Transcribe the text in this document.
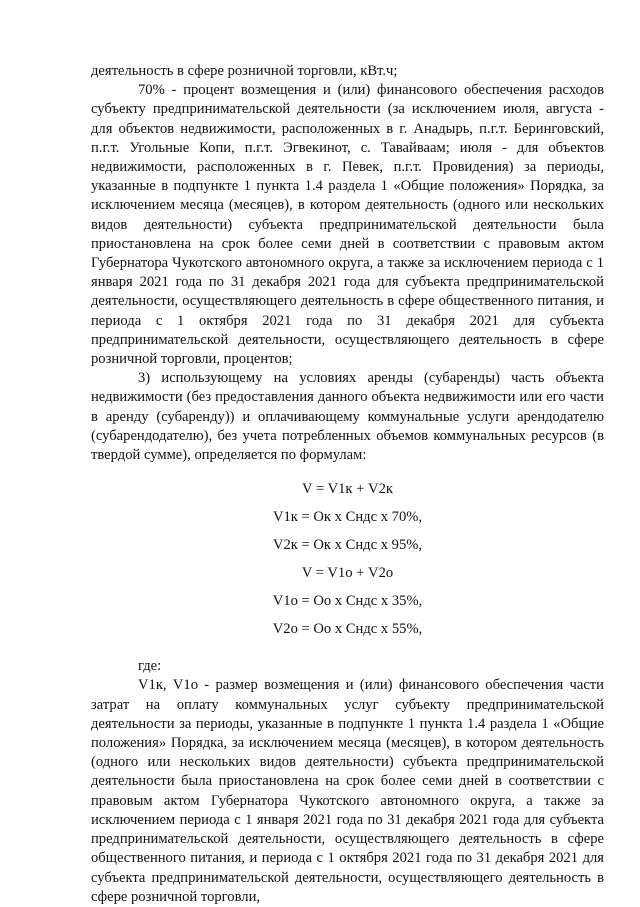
деятельность в сфере розничной торговли, кВт.ч;

70% - процент возмещения и (или) финансового обеспечения расходов субъекту предпринимательской деятельности (за исключением июля, августа - для объектов недвижимости, расположенных в г. Анадырь, п.г.т. Беринговский, п.г.т. Угольные Копи, п.г.т. Эгвекинот, с. Тавайваам; июля - для объектов недвижимости, расположенных в г. Певек, п.г.т. Провидения) за периоды, указанные в подпункте 1 пункта 1.4 раздела 1 «Общие положения» Порядка, за исключением месяца (месяцев), в котором деятельность (одного или нескольких видов деятельности) субъекта предпринимательской деятельности была приостановлена на срок более семи дней в соответствии с правовым актом Губернатора Чукотского автономного округа, а также за исключением периода с 1 января 2021 года по 31 декабря 2021 года для субъекта предпринимательской деятельности, осуществляющего деятельность в сфере общественного питания, и периода с 1 октября 2021 года по 31 декабря 2021 для субъекта предпринимательской деятельности, осуществляющего деятельность в сфере розничной торговли, процентов;

3) использующему на условиях аренды (субаренды) часть объекта недвижимости (без предоставления данного объекта недвижимости или его части в аренду (субаренду)) и оплачивающему коммунальные услуги арендодателю (субарендодателю), без учета потребленных объемов коммунальных ресурсов (в твердой сумме), определяется по формулам:

V = V1к + V2к

V1к = Ок x Cндс x 70%,

V2к = Ок x Cндс x 95%,

V = V1о + V2о

V1о = Оо x Cндс x 35%,

V2о = Оо x Cндс x 55%,

где:

V1к, V1о - размер возмещения и (или) финансового обеспечения части затрат на оплату коммунальных услуг субъекту предпринимательской деятельности за периоды, указанные в подпункте 1 пункта 1.4 раздела 1 «Общие положения» Порядка, за исключением месяца (месяцев), в котором деятельность (одного или нескольких видов деятельности) субъекта предпринимательской деятельности была приостановлена на срок более семи дней в соответствии с правовым актом Губернатора Чукотского автономного округа, а также за исключением периода с 1 января 2021 года по 31 декабря 2021 года для субъекта предпринимательской деятельности, осуществляющего деятельность в сфере общественного питания, и периода с 1 октября 2021 года по 31 декабря 2021 для субъекта предпринимательской деятельности, осуществляющего деятельность в сфере розничной торговли,
